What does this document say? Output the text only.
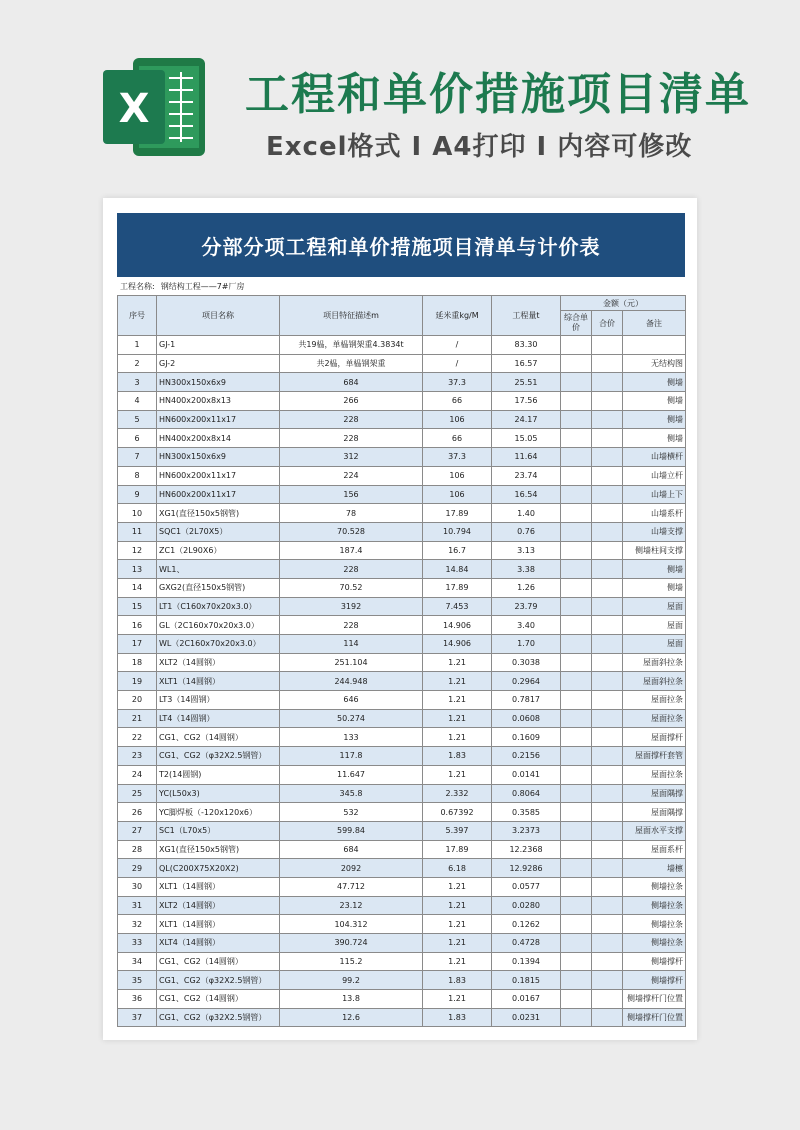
X 工程和单价措施项目清单
Excel格式 I A4打印 I 内容可修改
分部分项工程和单价措施项目清单与计价表
工程名称: 钢结构工程——7#厂房
序号	项目名称	项目特征描述m	延米重kg/M	工程量t	金额（元）		
					综合单价	合价	备注
1	GJ-1	共19榀，单榀钢架重4.3834t	/	83.30			
2	GJ-2	共2榀，单榀钢架重	/	16.57			无结构图
3	HN300x150x6x9	684	37.3	25.51			侧墙
4	HN400x200x8x13	266	66	17.56			侧墙
5	HN600x200x11x17	228	106	24.17			侧墙
6	HN400x200x8x14	228	66	15.05			侧墙
7	HN300x150x6x9	312	37.3	11.64			山墙横杆
8	HN600x200x11x17	224	106	23.74			山墙立杆
9	HN600x200x11x17	156	106	16.54			山墙上下
10	XG1(直径150x5钢管)	78	17.89	1.40			山墙系杆
11	SQC1（2L70X5）	70.528	10.794	0.76			山墙支撑
12	ZC1（2L90X6）	187.4	16.7	3.13			侧墙柱间支撑
13	WL1、	228	14.84	3.38			侧墙
14	GXG2(直径150x5钢管)	70.52	17.89	1.26			侧墙
15	LT1（C160x70x20x3.0）	3192	7.453	23.79			屋面
16	GL（2C160x70x20x3.0）	228	14.906	3.40			屋面
17	WL（2C160x70x20x3.0）	114	14.906	1.70			屋面
18	XLT2（14圆钢）	251.104	1.21	0.3038			屋面斜拉条
19	XLT1（14圆钢）	244.948	1.21	0.2964			屋面斜拉条
20	LT3（14圆钢）	646	1.21	0.7817			屋面拉条
21	LT4（14圆钢）	50.274	1.21	0.0608			屋面拉条
22	CG1、CG2（14圆钢）	133	1.21	0.1609			屋面撑杆
23	CG1、CG2（φ32X2.5钢管）	117.8	1.83	0.2156			屋面撑杆套管
24	T2(14圆钢)	11.647	1.21	0.0141			屋面拉条
25	YC(L50x3)	345.8	2.332	0.8064			屋面隅撑
26	YC脚焊板（-120x120x6）	532	0.67392	0.3585			屋面隅撑
27	SC1（L70x5）	599.84	5.397	3.2373			屋面水平支撑
28	XG1(直径150x5钢管)	684	17.89	12.2368			屋面系杆
29	QL(C200X75X20X2)	2092	6.18	12.9286			墙檩
30	XLT1（14圆钢）	47.712	1.21	0.0577			侧墙拉条
31	XLT2（14圆钢）	23.12	1.21	0.0280			侧墙拉条
32	XLT1（14圆钢）	104.312	1.21	0.1262			侧墙拉条
33	XLT4（14圆钢）	390.724	1.21	0.4728			侧墙拉条
34	CG1、CG2（14圆钢）	115.2	1.21	0.1394			侧墙撑杆
35	CG1、CG2（φ32X2.5钢管）	99.2	1.83	0.1815			侧墙撑杆
36	CG1、CG2（14圆钢）	13.8	1.21	0.0167			侧墙撑杆门位置
37	CG1、CG2（φ32X2.5钢管）	12.6	1.83	0.0231			侧墙撑杆门位置
